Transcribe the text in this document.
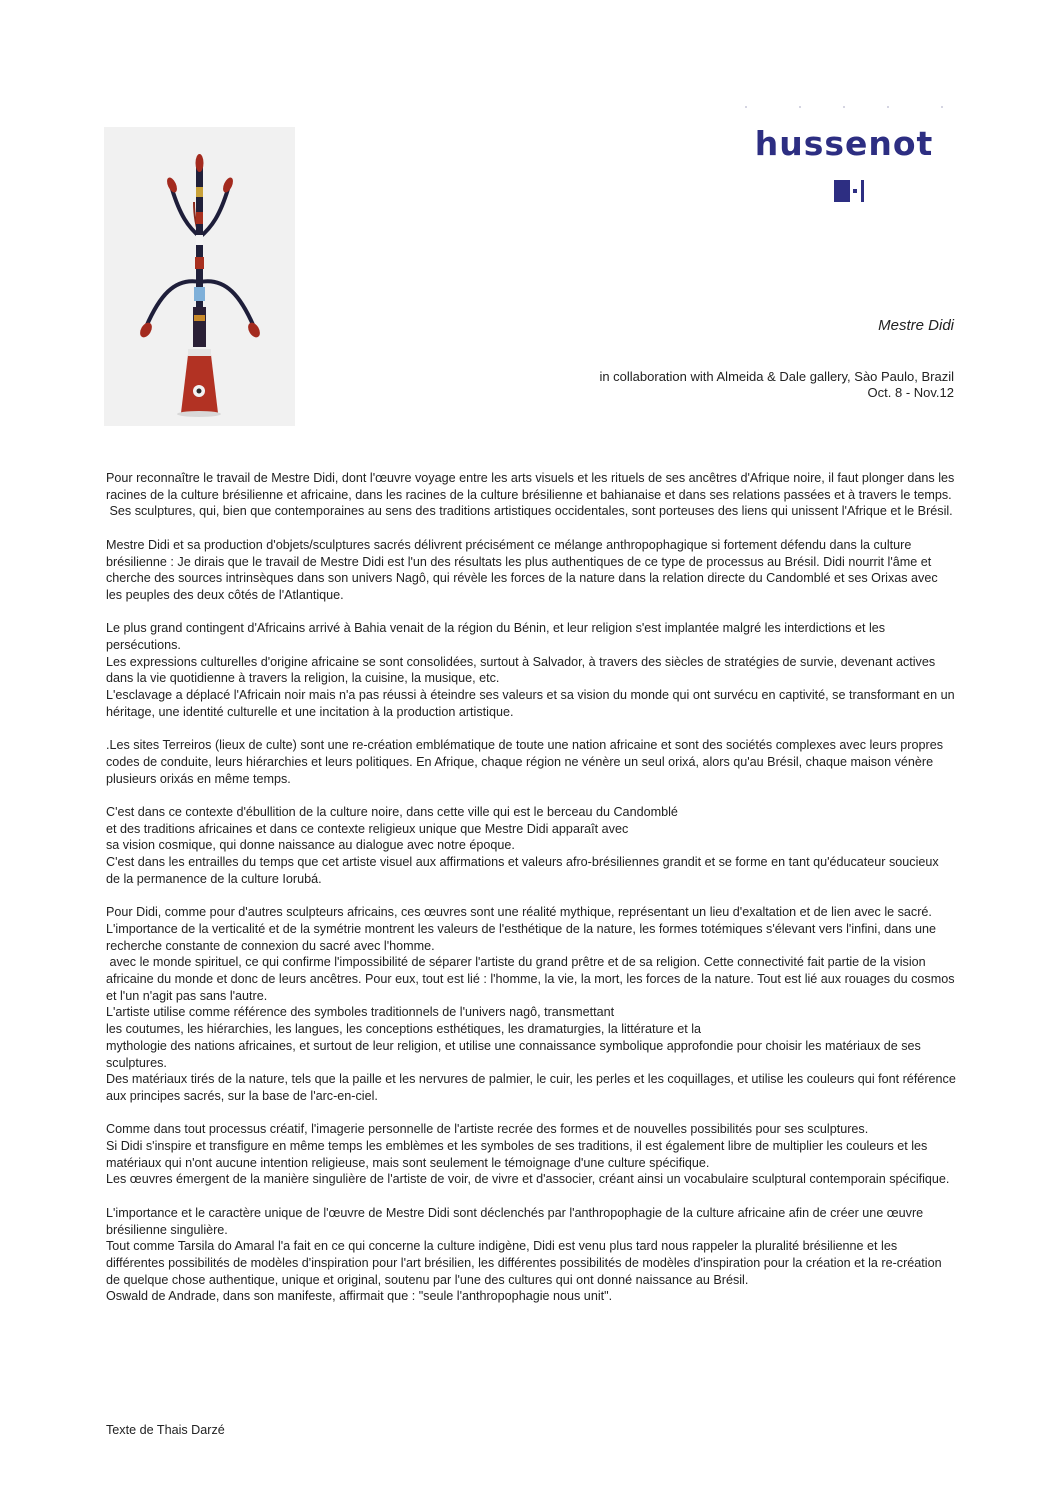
hussenot
Mestre Didi
in collaboration with Almeida & Dale gallery, Sào Paulo, Brazil
Oct. 8 - Nov.12
Pour reconnaître le travail de Mestre Didi, dont l'œuvre voyage entre les arts visuels et les rituels de ses ancêtres d'Afrique noire, il faut plonger dans les racines de la culture brésilienne et africaine, dans les racines de la culture brésilienne et bahianaise et dans ses relations passées et à travers le temps.
Ses sculptures, qui, bien que contemporaines au sens des traditions artistiques occidentales, sont porteuses des liens qui unissent l'Afrique et le Brésil.
Mestre Didi et sa production d'objets/sculptures sacrés délivrent précisément ce mélange anthropophagique si fortement défendu dans la culture brésilienne : Je dirais que le travail de Mestre Didi est l'un des résultats les plus authentiques de ce type de processus au Brésil. Didi nourrit l'âme et cherche des sources intrinsèques dans son univers Nagô, qui révèle les forces de la nature dans la relation directe du Candomblé et ses Orixas avec les peuples des deux côtés de l'Atlantique.
Le plus grand contingent d'Africains arrivé à Bahia venait de la région du Bénin, et leur religion s'est implantée malgré les interdictions et les persécutions.
Les expressions culturelles d'origine africaine se sont consolidées, surtout à Salvador, à travers des siècles de stratégies de survie, devenant actives dans la vie quotidienne à travers la religion, la cuisine, la musique, etc.
L'esclavage a déplacé l'Africain noir mais n'a pas réussi à éteindre ses valeurs et sa vision du monde qui ont survécu en captivité, se transformant en un héritage, une identité culturelle et une incitation à la production artistique.
.Les sites Terreiros (lieux de culte) sont une re-création emblématique de toute une nation africaine et sont des sociétés complexes avec leurs propres codes de conduite, leurs hiérarchies et leurs politiques. En Afrique, chaque région ne vénère un seul orixá, alors qu'au Brésil, chaque maison vénère plusieurs orixás en même temps.
C'est dans ce contexte d'ébullition de la culture noire, dans cette ville qui est le berceau du Candomblé
et des traditions africaines et dans ce contexte religieux unique que Mestre Didi apparaît avec
sa vision cosmique, qui donne naissance au dialogue avec notre époque.
C'est dans les entrailles du temps que cet artiste visuel aux affirmations et valeurs afro-brésiliennes grandit et se forme en tant qu'éducateur soucieux de la permanence de la culture Iorubá.
Pour Didi, comme pour d'autres sculpteurs africains, ces œuvres sont une réalité mythique, représentant un lieu d'exaltation et de lien avec le sacré.
L'importance de la verticalité et de la symétrie montrent les valeurs de l'esthétique de la nature, les formes totémiques s'élevant vers l'infini, dans une recherche constante de connexion du sacré avec l'homme.
avec le monde spirituel, ce qui confirme l'impossibilité de séparer l'artiste du grand prêtre et de sa religion. Cette connectivité fait partie de la vision africaine du monde et donc de leurs ancêtres. Pour eux, tout est lié : l'homme, la vie, la mort, les forces de la nature. Tout est lié aux rouages du cosmos et l'un n'agit pas sans l'autre.
L'artiste utilise comme référence des symboles traditionnels de l'univers nagô, transmettant
les coutumes, les hiérarchies, les langues, les conceptions esthétiques, les dramaturgies, la littérature et la
mythologie des nations africaines, et surtout de leur religion, et utilise une connaissance symbolique approfondie pour choisir les matériaux de ses sculptures.
Des matériaux tirés de la nature, tels que la paille et les nervures de palmier, le cuir, les perles et les coquillages, et utilise les couleurs qui font référence aux principes sacrés, sur la base de l'arc-en-ciel.
Comme dans tout processus créatif, l'imagerie personnelle de l'artiste recrée des formes et de nouvelles possibilités pour ses sculptures.
Si Didi s'inspire et transfigure en même temps les emblèmes et les symboles de ses traditions, il est également libre de multiplier les couleurs et les matériaux qui n'ont aucune intention religieuse, mais sont seulement le témoignage d'une culture spécifique.
Les œuvres émergent de la manière singulière de l'artiste de voir, de vivre et d'associer, créant ainsi un vocabulaire sculptural contemporain spécifique.
L'importance et le caractère unique de l'œuvre de Mestre Didi sont déclenchés par l'anthropophagie de la culture africaine afin de créer une œuvre brésilienne singulière.
Tout comme Tarsila do Amaral l'a fait en ce qui concerne la culture indigène, Didi est venu plus tard nous rappeler la pluralité brésilienne et les différentes possibilités de modèles d'inspiration pour l'art brésilien, les différentes possibilités de modèles d'inspiration pour la création et la re-création de quelque chose authentique, unique et original, soutenu par l'une des cultures qui ont donné naissance au Brésil.
Oswald de Andrade, dans son manifeste, affirmait que : "seule l'anthropophagie nous unit".
Texte de Thais Darzé
